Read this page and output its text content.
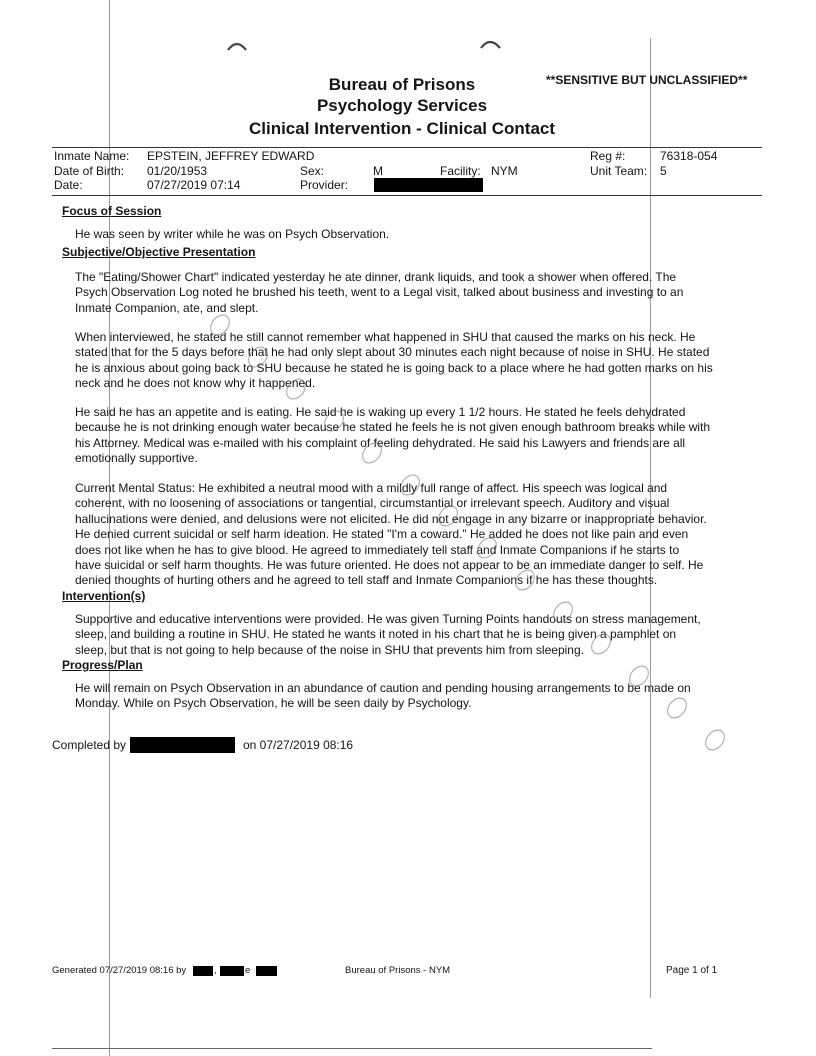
Bureau of Prisons
Psychology Services
Clinical Intervention - Clinical Contact
**SENSITIVE BUT UNCLASSIFIED**
Inmate Name: EPSTEIN, JEFFREY EDWARD	Reg #:	76318-054
Date of Birth: 01/20/1953	Sex:	M	Facility: NYM	Unit Team: 5
Date:	07/27/2019 07:14	Provider:
Focus of Session
He was seen by writer while he was on Psych Observation.
Subjective/Objective Presentation
The "Eating/Shower Chart" indicated yesterday he ate dinner, drank liquids, and took a shower when offered. The
Psych Observation Log noted he brushed his teeth, went to a Legal visit, talked about business and investing to an
Inmate Companion, ate, and slept.
When interviewed, he stated he still cannot remember what happened in SHU that caused the marks on his neck. He
stated that for the 5 days before that he had only slept about 30 minutes each night because of noise in SHU. He stated
he is anxious about going back to SHU because he stated he is going back to a place where he had gotten marks on his
neck and he does not know why it happened.
He said he has an appetite and is eating. He said he is waking up every 1 1/2 hours. He stated he feels dehydrated
because he is not drinking enough water because he stated he feels he is not given enough bathroom breaks while with
his Attorney. Medical was e-mailed with his complaint of feeling dehydrated. He said his Lawyers and friends are all
emotionally supportive.
Current Mental Status: He exhibited a neutral mood with a mildly full range of affect. His speech was logical and
coherent, with no loosening of associations or tangential, circumstantial or irrelevant speech. Auditory and visual
hallucinations were denied, and delusions were not elicited. He did not engage in any bizarre or inappropriate behavior.
He denied current suicidal or self harm ideation. He stated "I'm a coward." He added he does not like pain and even
does not like when he has to give blood. He agreed to immediately tell staff and Inmate Companions if he starts to
have suicidal or self harm thoughts. He was future oriented. He does not appear to be an immediate danger to self. He
denied thoughts of hurting others and he agreed to tell staff and Inmate Companions if he has these thoughts.
Intervention(s)
Supportive and educative interventions were provided. He was given Turning Points handouts on stress management,
sleep, and building a routine in SHU. He stated he wants it noted in his chart that he is being given a pamphlet on
sleep, but that is not going to help because of the noise in SHU that prevents him from sleeping.
Progress/Plan
He will remain on Psych Observation in an abundance of caution and pending housing arrangements to be made on
Monday. While on Psych Observation, he will be seen daily by Psychology.
Completed by	on 07/27/2019 08:16
Generated 07/27/2019 08:16 by	,	e	Bureau of Prisons - NYM	Page 1 of 1
